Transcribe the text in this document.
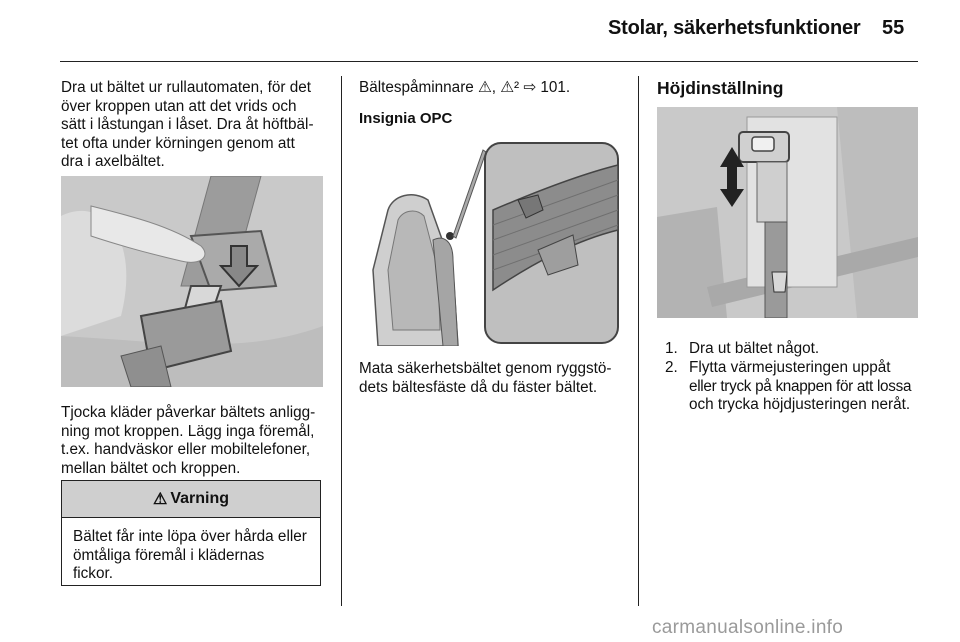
Stolar, säkerhetsfunktioner 55

Dra ut bältet ur rullautomaten, för det

över kroppen utan att det vrids och

sätt i låstungan i låset. Dra åt höftbäl-

tet ofta under körningen genom att

dra i axelbältet.

Tjocka kläder påverkar bältets anligg-

ning mot kroppen. Lägg inga föremål,

t.ex. handväskor eller mobiltelefoner,

mellan bältet och kroppen.

⚠ Varning
Bältet får inte löpa över hårda eller
ömtåliga föremål i klädernas
fickor.
Bältespåminnare ⚠, ⚠² ⇨ 101.
Insignia OPC

Mata säkerhetsbältet genom ryggstö-

dets bältesfäste då du fäster bältet.

Höjdinställning
1. Dra ut bältet något.
2. Flytta värmejusteringen uppåt
eller tryck på knappen för att lossa
och trycka höjdjusteringen neråt.
carmanualsonline.info
